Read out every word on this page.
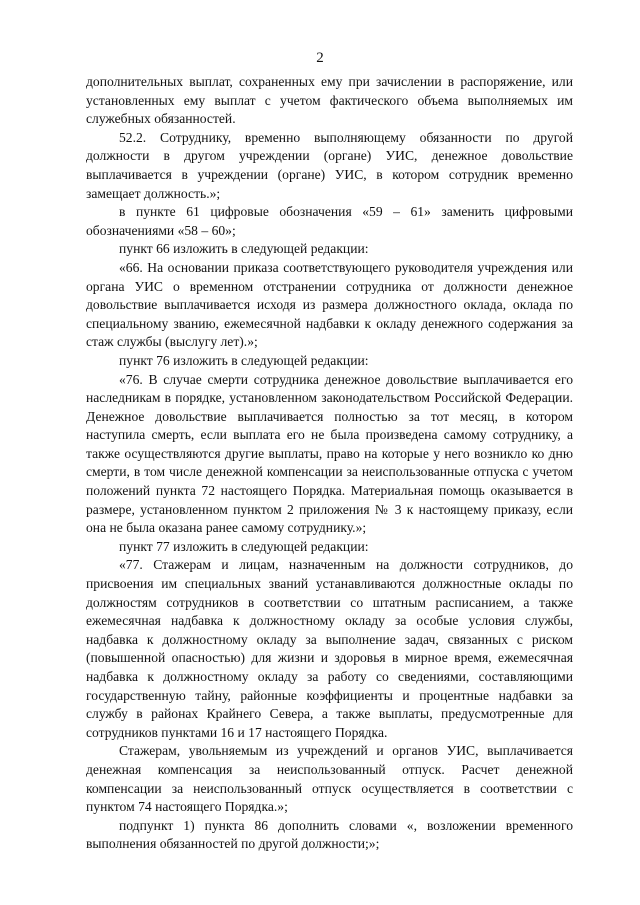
2

дополнительных выплат, сохраненных ему при зачислении в распоряжение, или установленных ему выплат с учетом фактического объема выполняемых им служебных обязанностей.

52.2. Сотруднику, временно выполняющему обязанности по другой должности в другом учреждении (органе) УИС, денежное довольствие выплачивается в учреждении (органе) УИС, в котором сотрудник временно замещает должность.»;

в пункте 61 цифровые обозначения «59 – 61» заменить цифровыми обозначениями «58 – 60»;

пункт 66 изложить в следующей редакции:

«66. На основании приказа соответствующего руководителя учреждения или органа УИС о временном отстранении сотрудника от должности денежное довольствие выплачивается исходя из размера должностного оклада, оклада по специальному званию, ежемесячной надбавки к окладу денежного содержания за стаж службы (выслугу лет).»;

пункт 76 изложить в следующей редакции:

«76. В случае смерти сотрудника денежное довольствие выплачивается его наследникам в порядке, установленном законодательством Российской Федерации. Денежное довольствие выплачивается полностью за тот месяц, в котором наступила смерть, если выплата его не была произведена самому сотруднику, а также осуществляются другие выплаты, право на которые у него возникло ко дню смерти, в том числе денежной компенсации за неиспользованные отпуска с учетом положений пункта 72 настоящего Порядка. Материальная помощь оказывается в размере, установленном пунктом 2 приложения № 3 к настоящему приказу, если она не была оказана ранее самому сотруднику.»;

пункт 77 изложить в следующей редакции:

«77. Стажерам и лицам, назначенным на должности сотрудников, до присвоения им специальных званий устанавливаются должностные оклады по должностям сотрудников в соответствии со штатным расписанием, а также ежемесячная надбавка к должностному окладу за особые условия службы, надбавка к должностному окладу за выполнение задач, связанных с риском (повышенной опасностью) для жизни и здоровья в мирное время, ежемесячная надбавка к должностному окладу за работу со сведениями, составляющими государственную тайну, районные коэффициенты и процентные надбавки за службу в районах Крайнего Севера, а также выплаты, предусмотренные для сотрудников пунктами 16 и 17 настоящего Порядка.

Стажерам, увольняемым из учреждений и органов УИС, выплачивается денежная компенсация за неиспользованный отпуск. Расчет денежной компенсации за неиспользованный отпуск осуществляется в соответствии с пунктом 74 настоящего Порядка.»;

подпункт 1) пункта 86 дополнить словами «, возложении временного выполнения обязанностей по другой должности;»;
